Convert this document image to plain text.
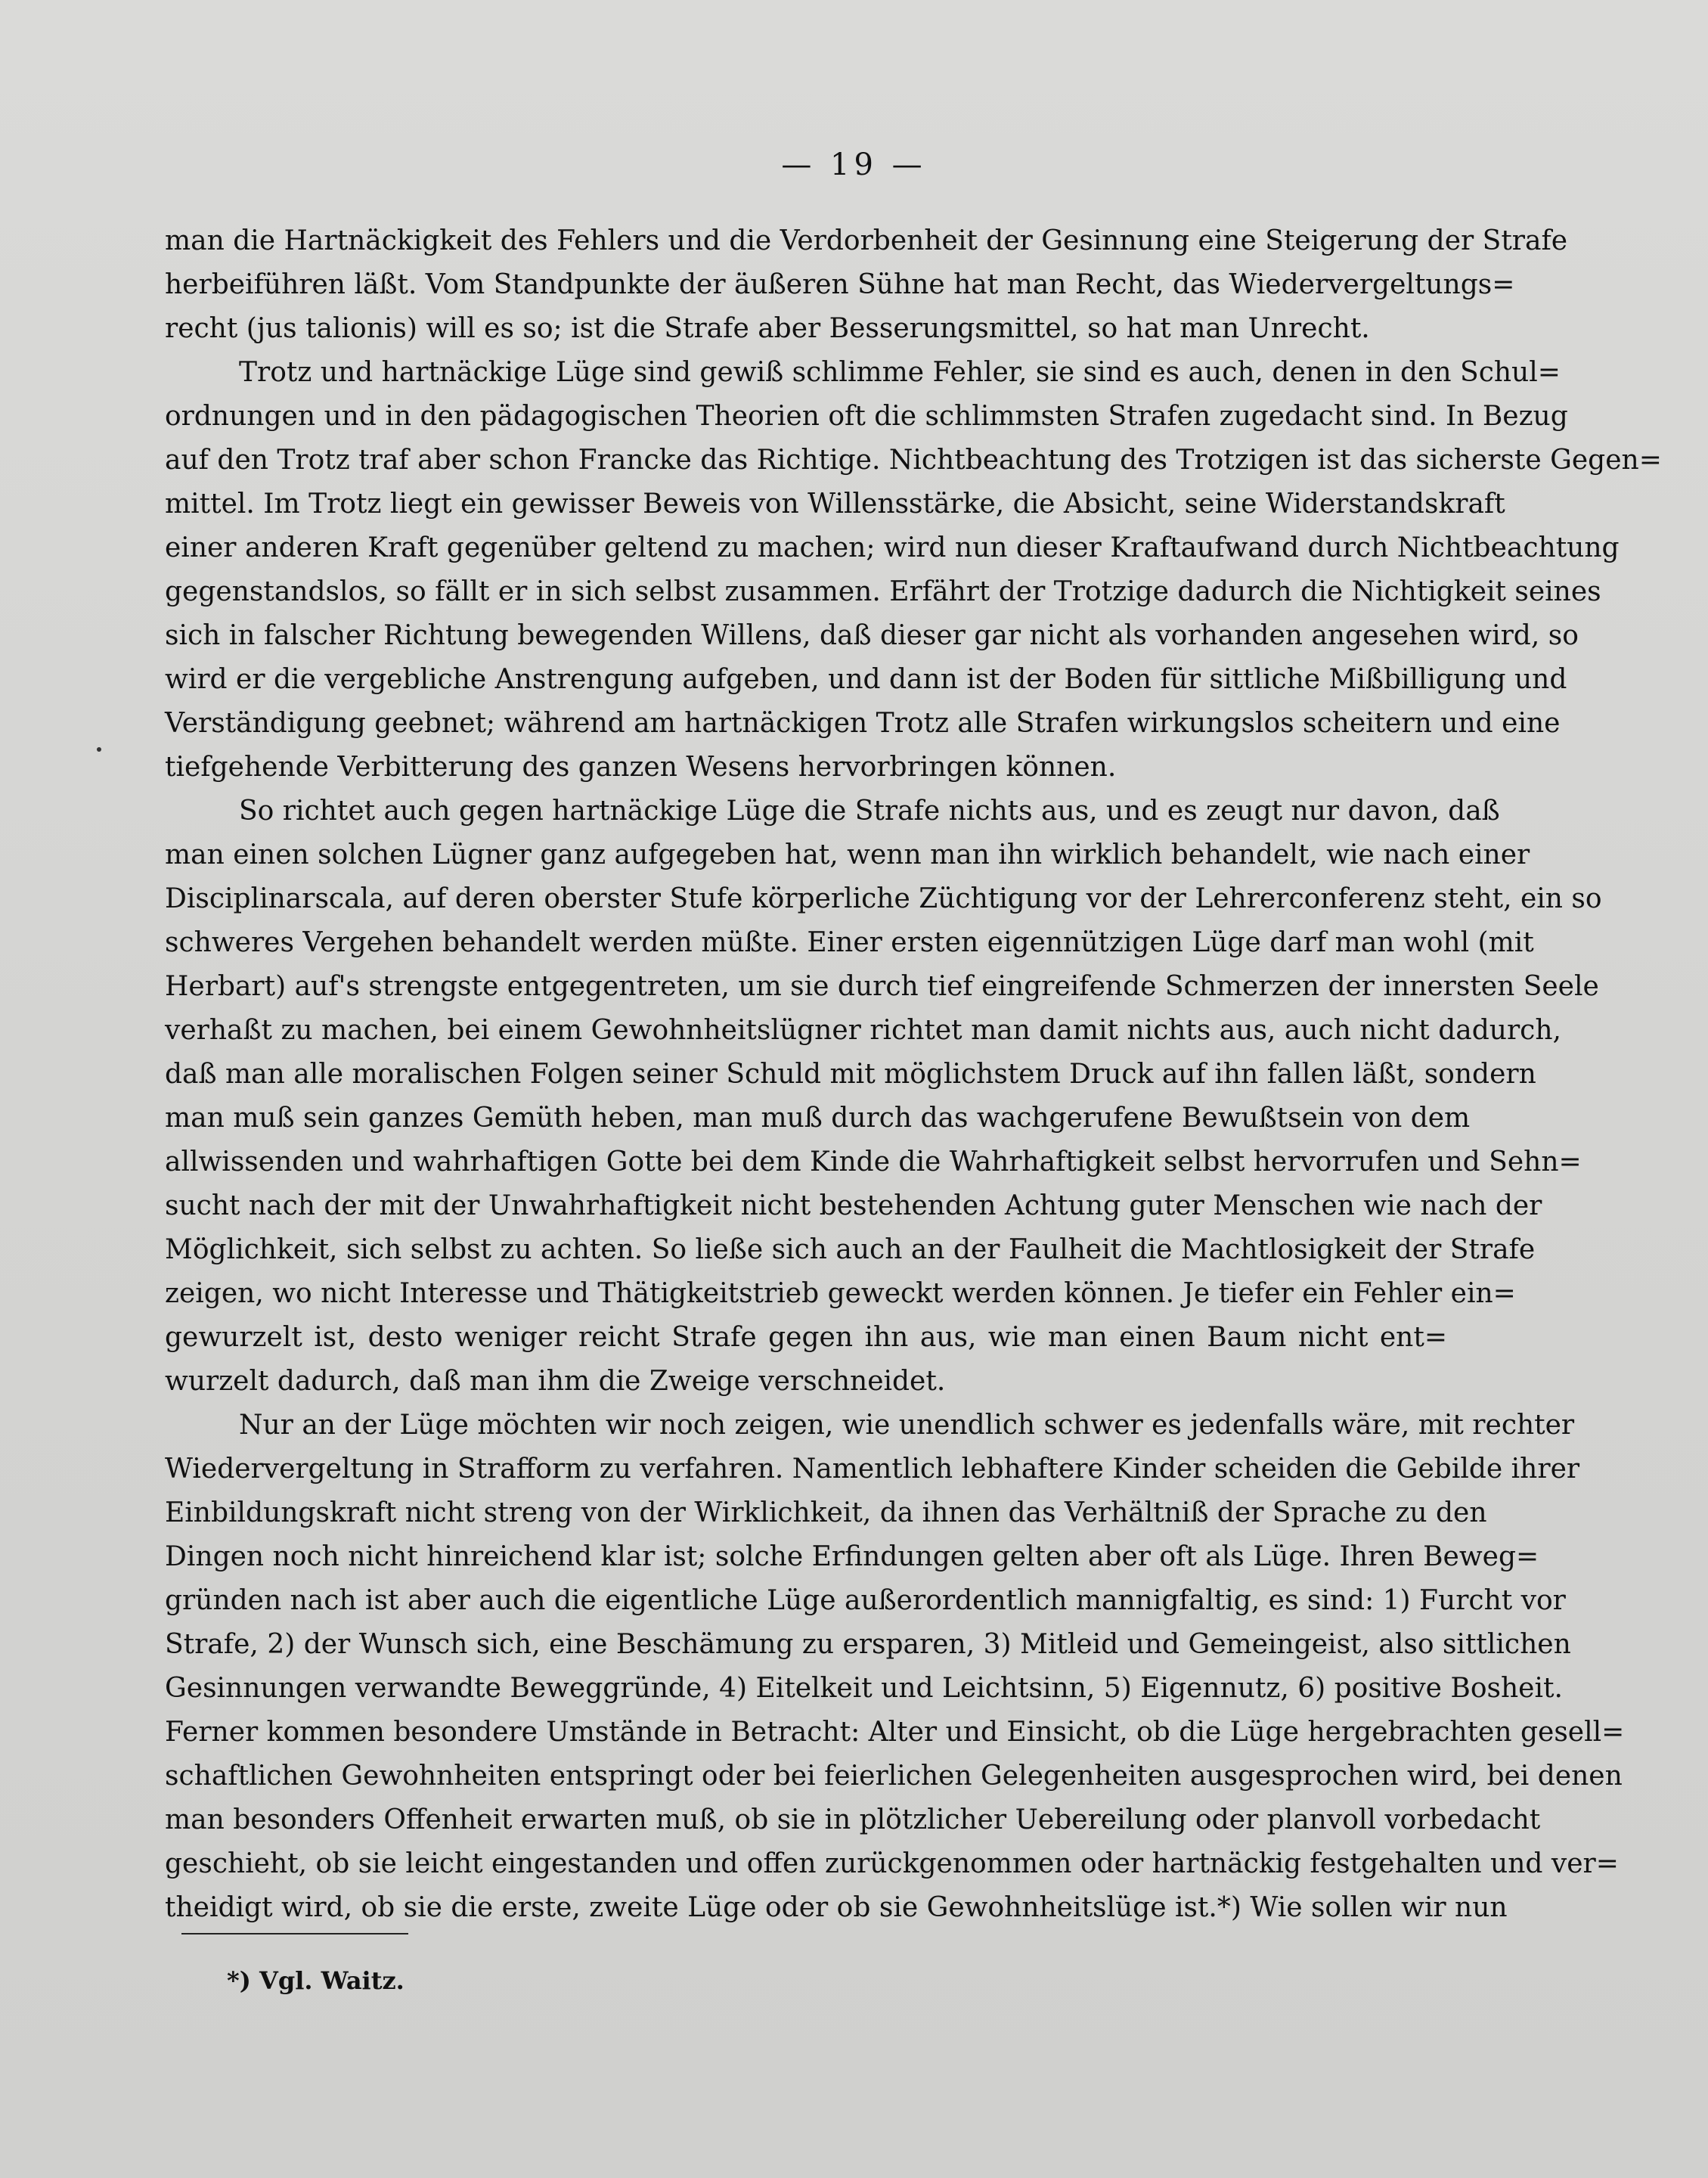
— 19 —
man die Hartnäckigkeit des Fehlers und die Verdorbenheit der Gesinnung eine Steigerung der Strafe
herbeiführen läßt. Vom Standpunkte der äußeren Sühne hat man Recht, das Wiedervergeltungs=
recht (jus talionis) will es so; ist die Strafe aber Besserungsmittel, so hat man Unrecht.
Trotz und hartnäckige Lüge sind gewiß schlimme Fehler, sie sind es auch, denen in den Schul=
ordnungen und in den pädagogischen Theorien oft die schlimmsten Strafen zugedacht sind. In Bezug
auf den Trotz traf aber schon Francke das Richtige. Nichtbeachtung des Trotzigen ist das sicherste Gegen=
mittel. Im Trotz liegt ein gewisser Beweis von Willensstärke, die Absicht, seine Widerstandskraft
einer anderen Kraft gegenüber geltend zu machen; wird nun dieser Kraftaufwand durch Nichtbeachtung
gegenstandslos, so fällt er in sich selbst zusammen. Erfährt der Trotzige dadurch die Nichtigkeit seines
sich in falscher Richtung bewegenden Willens, daß dieser gar nicht als vorhanden angesehen wird, so
wird er die vergebliche Anstrengung aufgeben, und dann ist der Boden für sittliche Mißbilligung und
Verständigung geebnet; während am hartnäckigen Trotz alle Strafen wirkungslos scheitern und eine
tiefgehende Verbitterung des ganzen Wesens hervorbringen können.
So richtet auch gegen hartnäckige Lüge die Strafe nichts aus, und es zeugt nur davon, daß
man einen solchen Lügner ganz aufgegeben hat, wenn man ihn wirklich behandelt, wie nach einer
Disciplinarscala, auf deren oberster Stufe körperliche Züchtigung vor der Lehrerconferenz steht, ein so
schweres Vergehen behandelt werden müßte. Einer ersten eigennützigen Lüge darf man wohl (mit
Herbart) auf's strengste entgegentreten, um sie durch tief eingreifende Schmerzen der innersten Seele
verhaßt zu machen, bei einem Gewohnheitslügner richtet man damit nichts aus, auch nicht dadurch,
daß man alle moralischen Folgen seiner Schuld mit möglichstem Druck auf ihn fallen läßt, sondern
man muß sein ganzes Gemüth heben, man muß durch das wachgerufene Bewußtsein von dem
allwissenden und wahrhaftigen Gotte bei dem Kinde die Wahrhaftigkeit selbst hervorrufen und Sehn=
sucht nach der mit der Unwahrhaftigkeit nicht bestehenden Achtung guter Menschen wie nach der
Möglichkeit, sich selbst zu achten. So ließe sich auch an der Faulheit die Machtlosigkeit der Strafe
zeigen, wo nicht Interesse und Thätigkeitstrieb geweckt werden können. Je tiefer ein Fehler ein=
gewurzelt ist, desto weniger reicht Strafe gegen ihn aus, wie man einen Baum nicht ent=
wurzelt dadurch, daß man ihm die Zweige verschneidet.
Nur an der Lüge möchten wir noch zeigen, wie unendlich schwer es jedenfalls wäre, mit rechter
Wiedervergeltung in Strafform zu verfahren. Namentlich lebhaftere Kinder scheiden die Gebilde ihrer
Einbildungskraft nicht streng von der Wirklichkeit, da ihnen das Verhältniß der Sprache zu den
Dingen noch nicht hinreichend klar ist; solche Erfindungen gelten aber oft als Lüge. Ihren Beweg=
gründen nach ist aber auch die eigentliche Lüge außerordentlich mannigfaltig, es sind: 1) Furcht vor
Strafe, 2) der Wunsch sich, eine Beschämung zu ersparen, 3) Mitleid und Gemeingeist, also sittlichen
Gesinnungen verwandte Beweggründe, 4) Eitelkeit und Leichtsinn, 5) Eigennutz, 6) positive Bosheit.
Ferner kommen besondere Umstände in Betracht: Alter und Einsicht, ob die Lüge hergebrachten gesell=
schaftlichen Gewohnheiten entspringt oder bei feierlichen Gelegenheiten ausgesprochen wird, bei denen
man besonders Offenheit erwarten muß, ob sie in plötzlicher Uebereilung oder planvoll vorbedacht
geschieht, ob sie leicht eingestanden und offen zurückgenommen oder hartnäckig festgehalten und ver=
theidigt wird, ob sie die erste, zweite Lüge oder ob sie Gewohnheitslüge ist.*) Wie sollen wir nun
*) Vgl. Waitz.
